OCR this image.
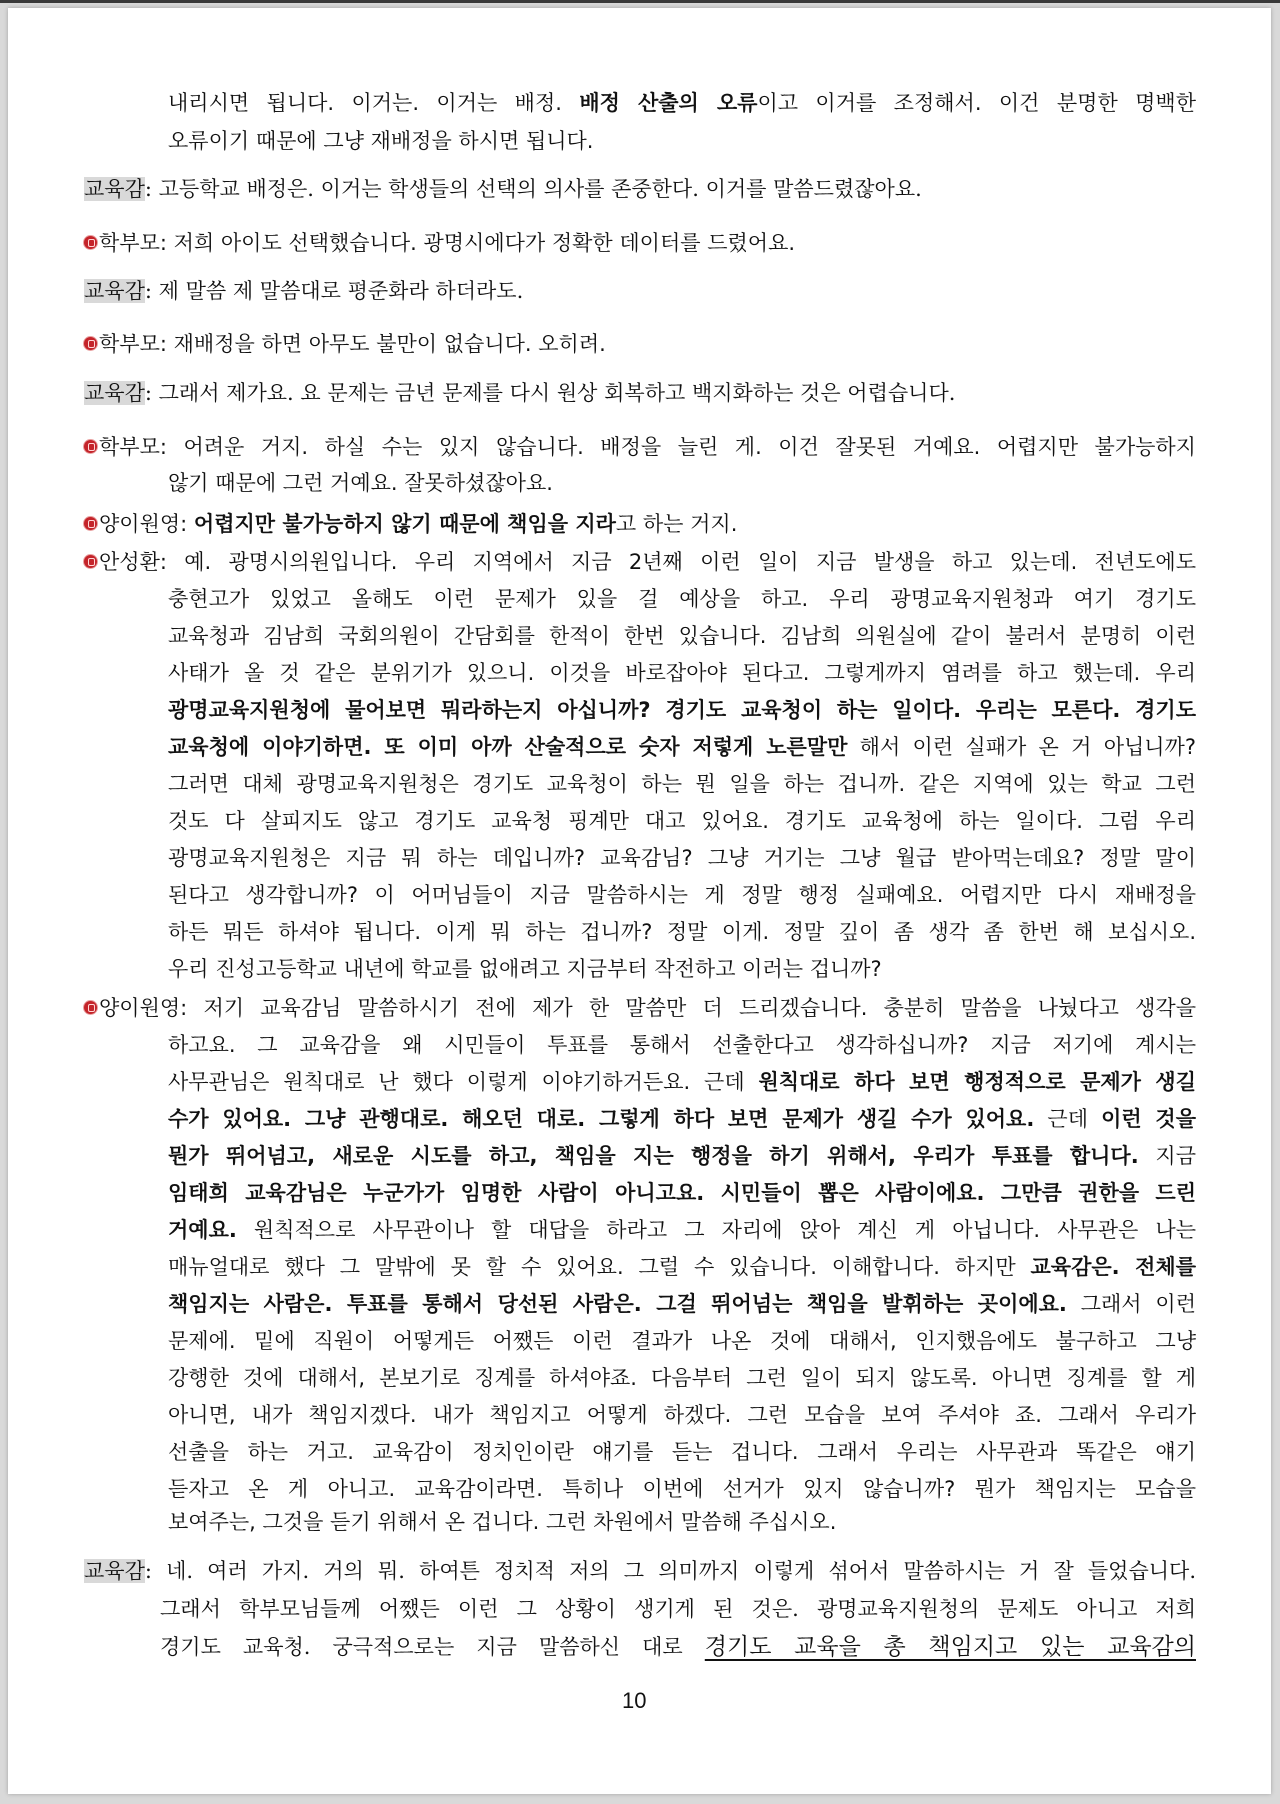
내리시면 됩니다. 이거는. 이거는 배정. 배정 산출의 오류이고 이거를 조정해서. 이건 분명한 명백한
오류이기 때문에 그냥 재배정을 하시면 됩니다.
교육감: 고등학교 배정은. 이거는 학생들의 선택의 의사를 존중한다. 이거를 말씀드렸잖아요.
학부모: 저희 아이도 선택했습니다. 광명시에다가 정확한 데이터를 드렸어요.
교육감: 제 말씀 제 말씀대로 평준화라 하더라도.
학부모: 재배정을 하면 아무도 불만이 없습니다. 오히려.
교육감: 그래서 제가요. 요 문제는 금년 문제를 다시 원상 회복하고 백지화하는 것은 어렵습니다.
학부모: 어려운 거지. 하실 수는 있지 않습니다. 배정을 늘린 게. 이건 잘못된 거예요. 어렵지만 불가능하지
않기 때문에 그런 거예요. 잘못하셨잖아요.
양이원영: 어렵지만 불가능하지 않기 때문에 책임을 지라고 하는 거지.
안성환: 예. 광명시의원입니다. 우리 지역에서 지금 2년째 이런 일이 지금 발생을 하고 있는데. 전년도에도
충현고가 있었고 올해도 이런 문제가 있을 걸 예상을 하고. 우리 광명교육지원청과 여기 경기도
교육청과 김남희 국회의원이 간담회를 한적이 한번 있습니다. 김남희 의원실에 같이 불러서 분명히 이런
사태가 올 것 같은 분위기가 있으니. 이것을 바로잡아야 된다고. 그렇게까지 염려를 하고 했는데. 우리
광명교육지원청에 물어보면 뭐라하는지 아십니까? 경기도 교육청이 하는 일이다. 우리는 모른다. 경기도
교육청에 이야기하면. 또 이미 아까 산술적으로 숫자 저렇게 노른말만 해서 이런 실패가 온 거 아닙니까?
그러면 대체 광명교육지원청은 경기도 교육청이 하는 뭔 일을 하는 겁니까. 같은 지역에 있는 학교 그런
것도 다 살피지도 않고 경기도 교육청 핑계만 대고 있어요. 경기도 교육청에 하는 일이다. 그럼 우리
광명교육지원청은 지금 뭐 하는 데입니까? 교육감님? 그냥 거기는 그냥 월급 받아먹는데요? 정말 말이
된다고 생각합니까? 이 어머님들이 지금 말씀하시는 게 정말 행정 실패예요. 어렵지만 다시 재배정을
하든 뭐든 하셔야 됩니다. 이게 뭐 하는 겁니까? 정말 이게. 정말 깊이 좀 생각 좀 한번 해 보십시오.
우리 진성고등학교 내년에 학교를 없애려고 지금부터 작전하고 이러는 겁니까?
양이원영: 저기 교육감님 말씀하시기 전에 제가 한 말씀만 더 드리겠습니다. 충분히 말씀을 나눴다고 생각을
하고요. 그 교육감을 왜 시민들이 투표를 통해서 선출한다고 생각하십니까? 지금 저기에 계시는
사무관님은 원칙대로 난 했다 이렇게 이야기하거든요. 근데 원칙대로 하다 보면 행정적으로 문제가 생길
수가 있어요. 그냥 관행대로. 해오던 대로. 그렇게 하다 보면 문제가 생길 수가 있어요. 근데 이런 것을
뭔가 뛰어넘고, 새로운 시도를 하고, 책임을 지는 행정을 하기 위해서, 우리가 투표를 합니다. 지금
임태희 교육감님은 누군가가 임명한 사람이 아니고요. 시민들이 뽑은 사람이에요. 그만큼 권한을 드린
거예요. 원칙적으로 사무관이나 할 대답을 하라고 그 자리에 앉아 계신 게 아닙니다. 사무관은 나는
매뉴얼대로 했다 그 말밖에 못 할 수 있어요. 그럴 수 있습니다. 이해합니다. 하지만 교육감은. 전체를
책임지는 사람은. 투표를 통해서 당선된 사람은. 그걸 뛰어넘는 책임을 발휘하는 곳이에요. 그래서 이런
문제에. 밑에 직원이 어떻게든 어쨌든 이런 결과가 나온 것에 대해서, 인지했음에도 불구하고 그냥
강행한 것에 대해서, 본보기로 징계를 하셔야죠. 다음부터 그런 일이 되지 않도록. 아니면 징계를 할 게
아니면, 내가 책임지겠다. 내가 책임지고 어떻게 하겠다. 그런 모습을 보여 주셔야 죠. 그래서 우리가
선출을 하는 거고. 교육감이 정치인이란 얘기를 듣는 겁니다. 그래서 우리는 사무관과 똑같은 얘기
듣자고 온 게 아니고. 교육감이라면. 특히나 이번에 선거가 있지 않습니까? 뭔가 책임지는 모습을
보여주는, 그것을 듣기 위해서 온 겁니다. 그런 차원에서 말씀해 주십시오.
교육감: 네. 여러 가지. 거의 뭐. 하여튼 정치적 저의 그 의미까지 이렇게 섞어서 말씀하시는 거 잘 들었습니다.
그래서 학부모님들께 어쨌든 이런 그 상황이 생기게 된 것은. 광명교육지원청의 문제도 아니고 저희
경기도 교육청. 궁극적으로는 지금 말씀하신 대로 경기도 교육을 총 책임지고 있는 교육감의
10
